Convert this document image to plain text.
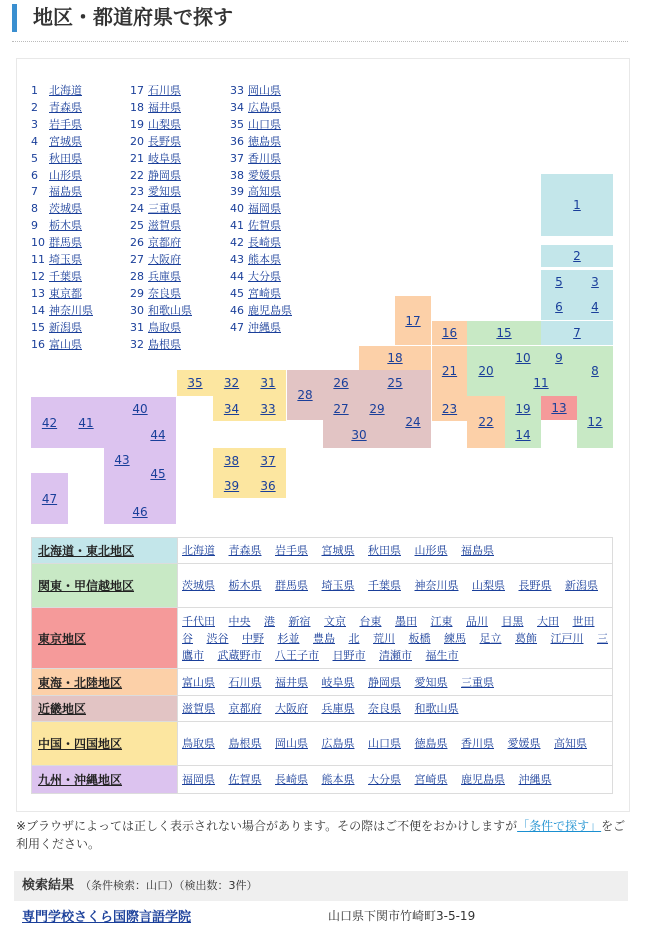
地区・都道府県で探す
1 北海道
2 青森県
3 岩手県
4 宮城県
5 秋田県
6 山形県
7 福島県
8 茨城県
9 栃木県
10 群馬県
11 埼玉県
12 千葉県
13 東京都
14 神奈川県
15 新潟県
16 富山県
17 石川県
18 福井県
19 山梨県
20 長野県
21 岐阜県
22 静岡県
23 愛知県
24 三重県
25 滋賀県
26 京都府
27 大阪府
28 兵庫県
29 奈良県
30 和歌山県
31 鳥取県
32 島根県
33 岡山県
34 広島県
35 山口県
36 徳島県
37 香川県
38 愛媛県
39 高知県
40 福岡県
41 佐賀県
42 長崎県
43 熊本県
44 大分県
45 宮崎県
46 鹿児島県
47 沖縄県
1
2
3
4
5
6
7
8
9
10
11
12
13
14
15
16
17
18
19
20
21
22
23
24
25
26
27
28
29
30
31
32
33
34
35
36
37
38
39
40
41
42
43
44
45
46
47
北海道・東北地区	北海道 青森県 岩手県 宮城県 秋田県 山形県 福島県
関東・甲信越地区	茨城県 栃木県 群馬県 埼玉県 千葉県 神奈川県 山梨県 長野県 新潟県
東京地区	千代田 中央 港 新宿 文京 台東 墨田 江東 品川 目黒 大田 世田谷 渋谷 中野 杉並 豊島 北 荒川 板橋 練馬 足立 葛飾 江戸川 三鷹市 武蔵野市 八王子市 日野市 清瀬市 福生市
東海・北陸地区	富山県 石川県 福井県 岐阜県 静岡県 愛知県 三重県
近畿地区	滋賀県 京都府 大阪府 兵庫県 奈良県 和歌山県
中国・四国地区	鳥取県 島根県 岡山県 広島県 山口県 徳島県 香川県 愛媛県 高知県
九州・沖縄地区	福岡県 佐賀県 長崎県 熊本県 大分県 宮崎県 鹿児島県 沖縄県
※ブラウザによっては正しく表示されない場合があります。その際はご不便をおかけしますが「条件で探す」をご利用ください。
検索結果 （条件検索：山口）（検出数：3件）
専門学校さくら国際言語学院	山口県下関市竹崎町3-5-19
